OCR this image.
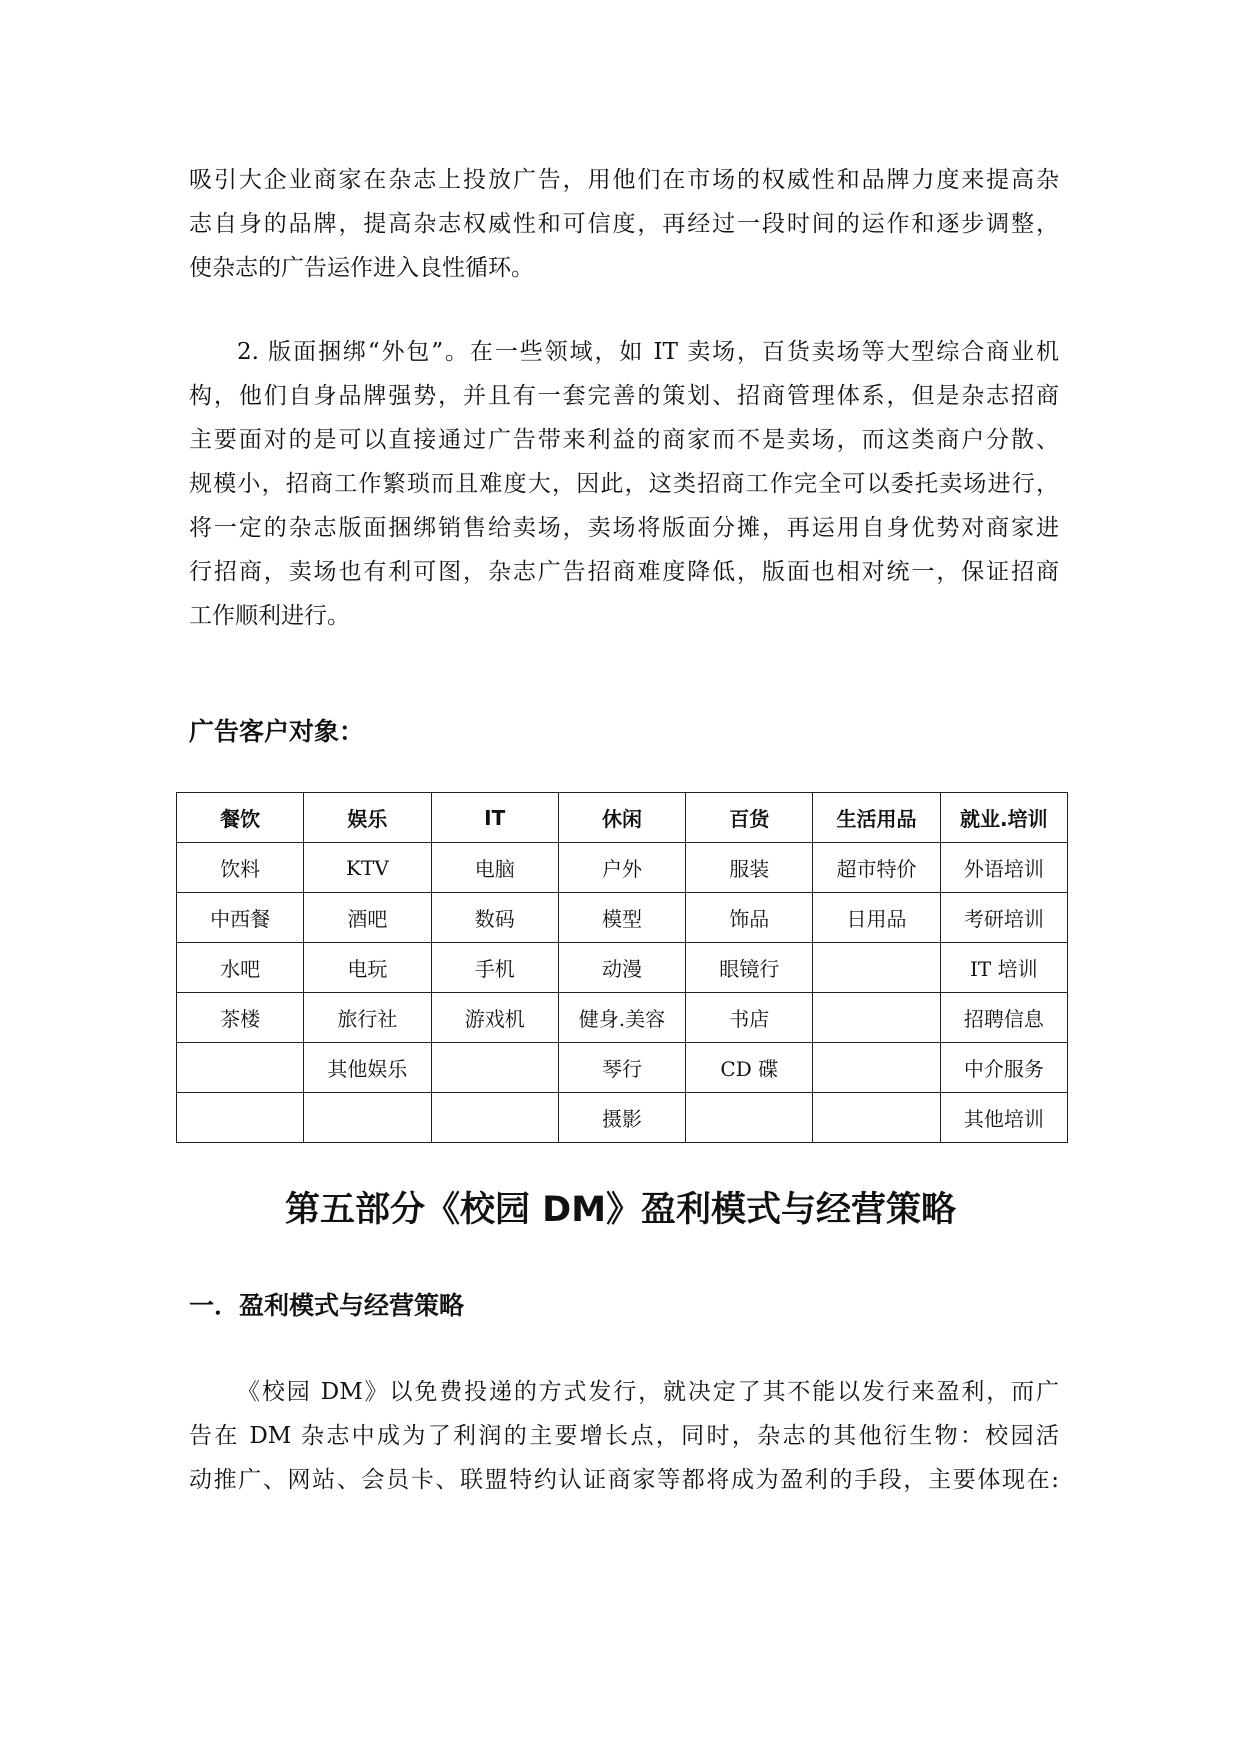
吸引大企业商家在杂志上投放广告，用他们在市场的权威性和品牌力度来提高杂
志自身的品牌，提高杂志权威性和可信度，再经过一段时间的运作和逐步调整，
使杂志的广告运作进入良性循环。

2. 版面捆绑“外包”。在一些领域，如 IT 卖场，百货卖场等大型综合商业机
构，他们自身品牌强势，并且有一套完善的策划、招商管理体系，但是杂志招商
主要面对的是可以直接通过广告带来利益的商家而不是卖场，而这类商户分散、
规模小，招商工作繁琐而且难度大，因此，这类招商工作完全可以委托卖场进行，
将一定的杂志版面捆绑销售给卖场，卖场将版面分摊，再运用自身优势对商家进
行招商，卖场也有利可图，杂志广告招商难度降低，版面也相对统一，保证招商
工作顺利进行。

广告客户对象：
餐饮	娱乐	IT	休闲	百货	生活用品	就业.培训
饮料	KTV	电脑	户外	服装	超市特价	外语培训
中西餐	酒吧	数码	模型	饰品	日用品	考研培训
水吧	电玩	手机	动漫	眼镜行		IT 培训
茶楼	旅行社	游戏机	健身.美容	书店		招聘信息
	其他娱乐		琴行	CD 碟		中介服务
			摄影			其他培训
第五部分《校园 DM》盈利模式与经营策略
一．盈利模式与经营策略

《校园 DM》以免费投递的方式发行，就决定了其不能以发行来盈利，而广
告在 DM 杂志中成为了利润的主要增长点，同时，杂志的其他衍生物：校园活
动推广、网站、会员卡、联盟特约认证商家等都将成为盈利的手段，主要体现在:
